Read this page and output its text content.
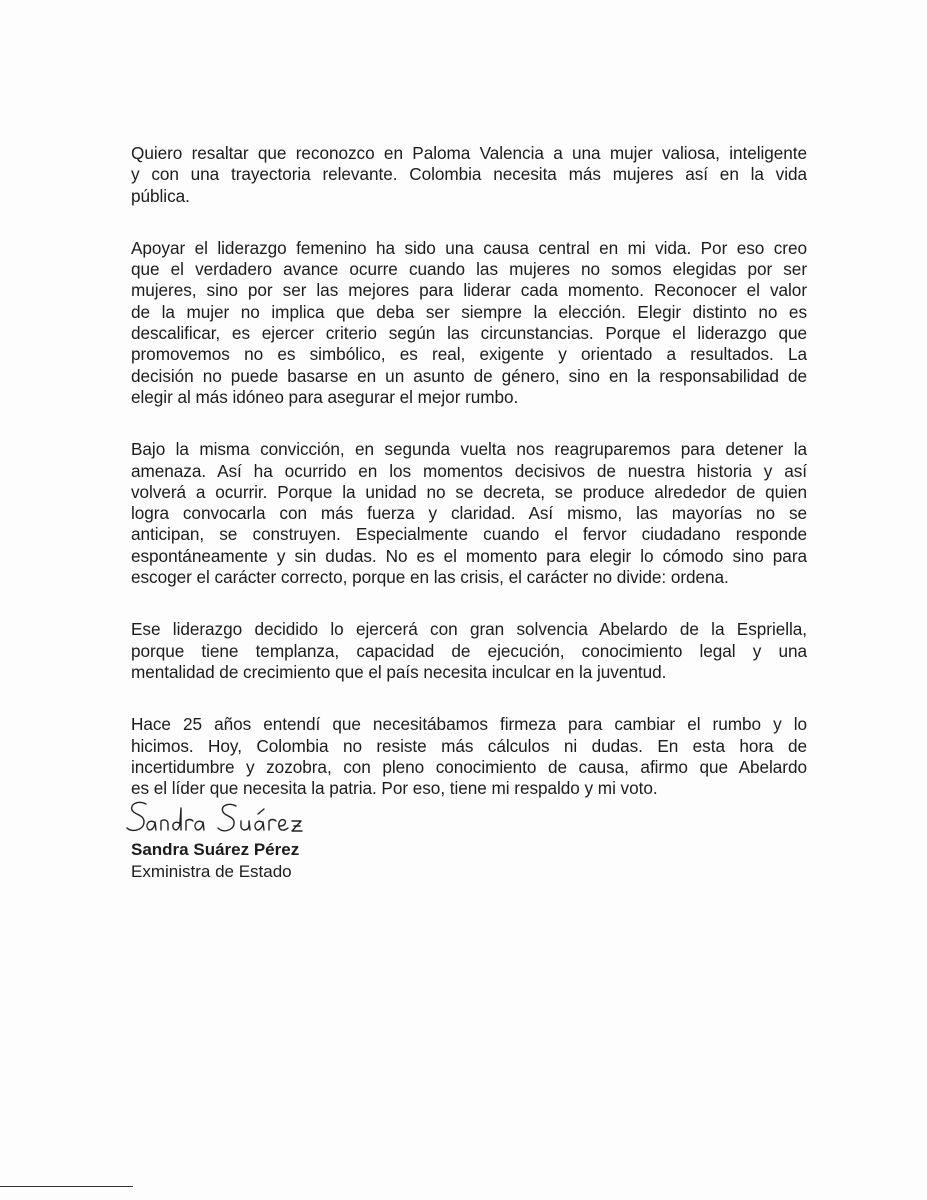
Quiero resaltar que reconozco en Paloma Valencia a una mujer valiosa, inteligente
y con una trayectoria relevante. Colombia necesita más mujeres así en la vida
pública.

Apoyar el liderazgo femenino ha sido una causa central en mi vida. Por eso creo
que el verdadero avance ocurre cuando las mujeres no somos elegidas por ser
mujeres, sino por ser las mejores para liderar cada momento. Reconocer el valor
de la mujer no implica que deba ser siempre la elección. Elegir distinto no es
descalificar, es ejercer criterio según las circunstancias. Porque el liderazgo que
promovemos no es simbólico, es real, exigente y orientado a resultados. La
decisión no puede basarse en un asunto de género, sino en la responsabilidad de
elegir al más idóneo para asegurar el mejor rumbo.

Bajo la misma convicción, en segunda vuelta nos reagruparemos para detener la
amenaza. Así ha ocurrido en los momentos decisivos de nuestra historia y así
volverá a ocurrir. Porque la unidad no se decreta, se produce alrededor de quien
logra convocarla con más fuerza y claridad. Así mismo, las mayorías no se
anticipan, se construyen. Especialmente cuando el fervor ciudadano responde
espontáneamente y sin dudas. No es el momento para elegir lo cómodo sino para
escoger el carácter correcto, porque en las crisis, el carácter no divide: ordena.

Ese liderazgo decidido lo ejercerá con gran solvencia Abelardo de la Espriella,
porque tiene templanza, capacidad de ejecución, conocimiento legal y una
mentalidad de crecimiento que el país necesita inculcar en la juventud.

Hace 25 años entendí que necesitábamos firmeza para cambiar el rumbo y lo
hicimos. Hoy, Colombia no resiste más cálculos ni dudas. En esta hora de
incertidumbre y zozobra, con pleno conocimiento de causa, afirmo que Abelardo
es el líder que necesita la patria. Por eso, tiene mi respaldo y mi voto.

Sandra Suárez Pérez
Exministra de Estado
